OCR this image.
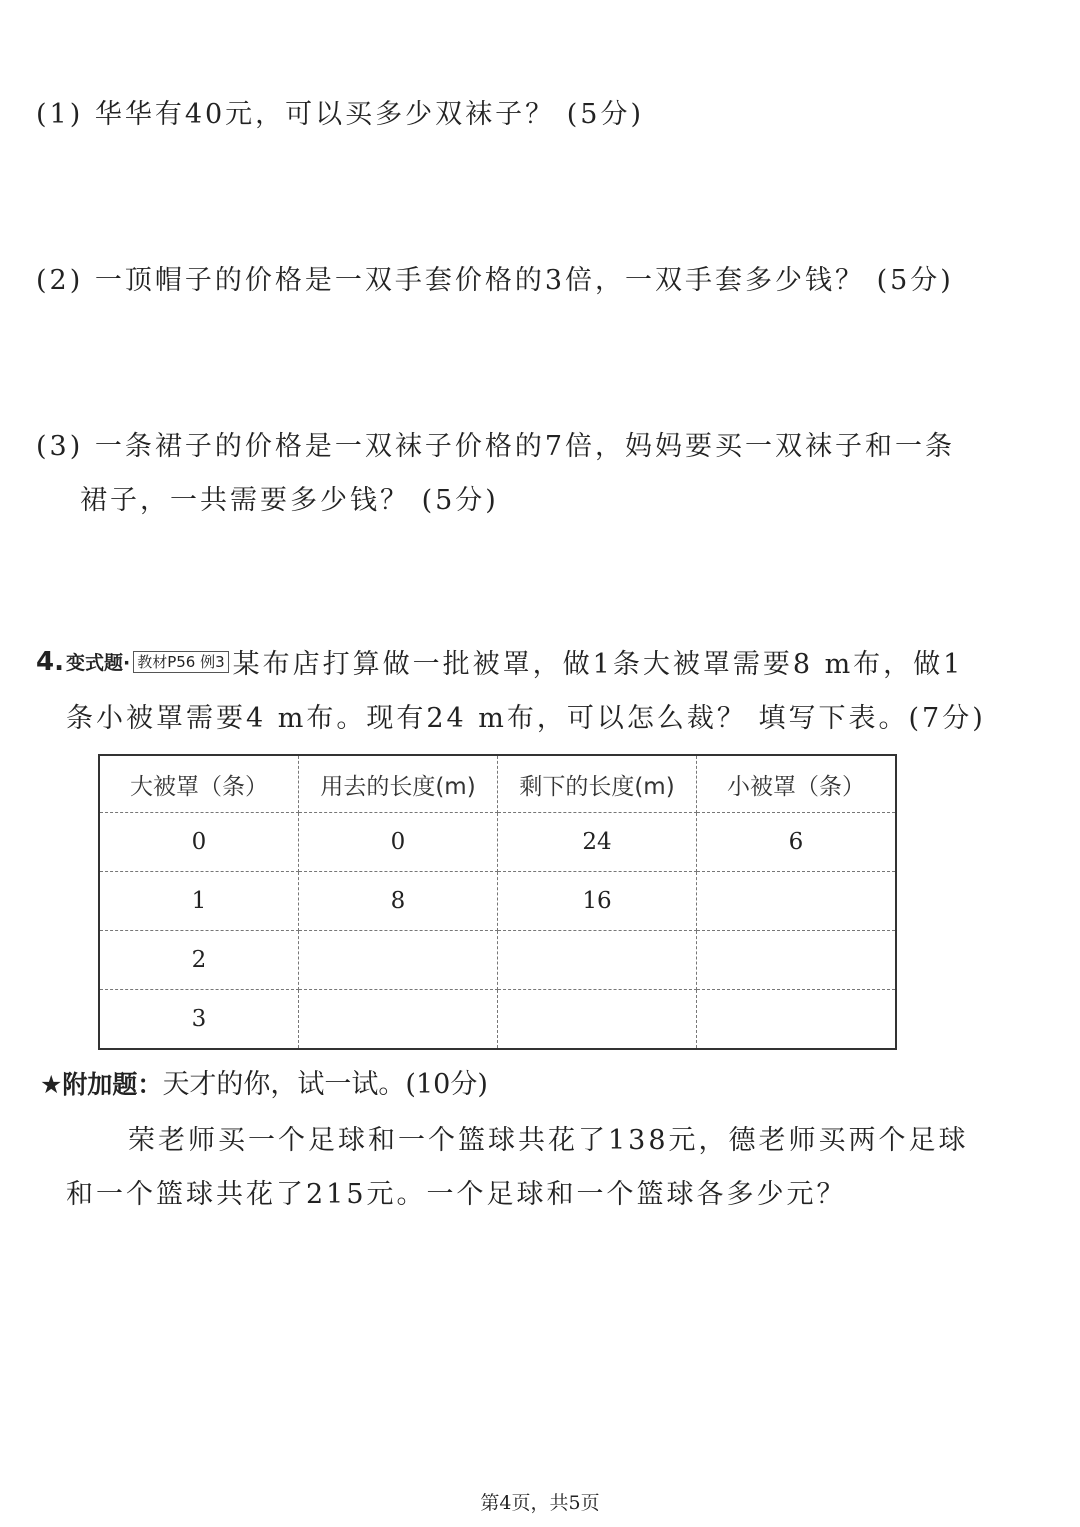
(1) 华华有40元，可以买多少双袜子？ (5分)
(2) 一顶帽子的价格是一双手套价格的3倍，一双手套多少钱？ (5分)
(3) 一条裙子的价格是一双袜子价格的7倍，妈妈要买一双袜子和一条
裙子，一共需要多少钱？ (5分)
4. 变式题· 教材P56 例3 某布店打算做一批被罩，做1条大被罩需要8 m布，做1
条小被罩需要4 m布。现有24 m布，可以怎么裁？ 填写下表。(7分)
大被罩（条）	用去的长度(m)	剩下的长度(m)	小被罩（条）
0	0	24	6
1	8	16	
2			
3			
★附加题：天才的你，试一试。(10分)
荣老师买一个足球和一个篮球共花了138元，德老师买两个足球
和一个篮球共花了215元。一个足球和一个篮球各多少元？
第4页，共5页
